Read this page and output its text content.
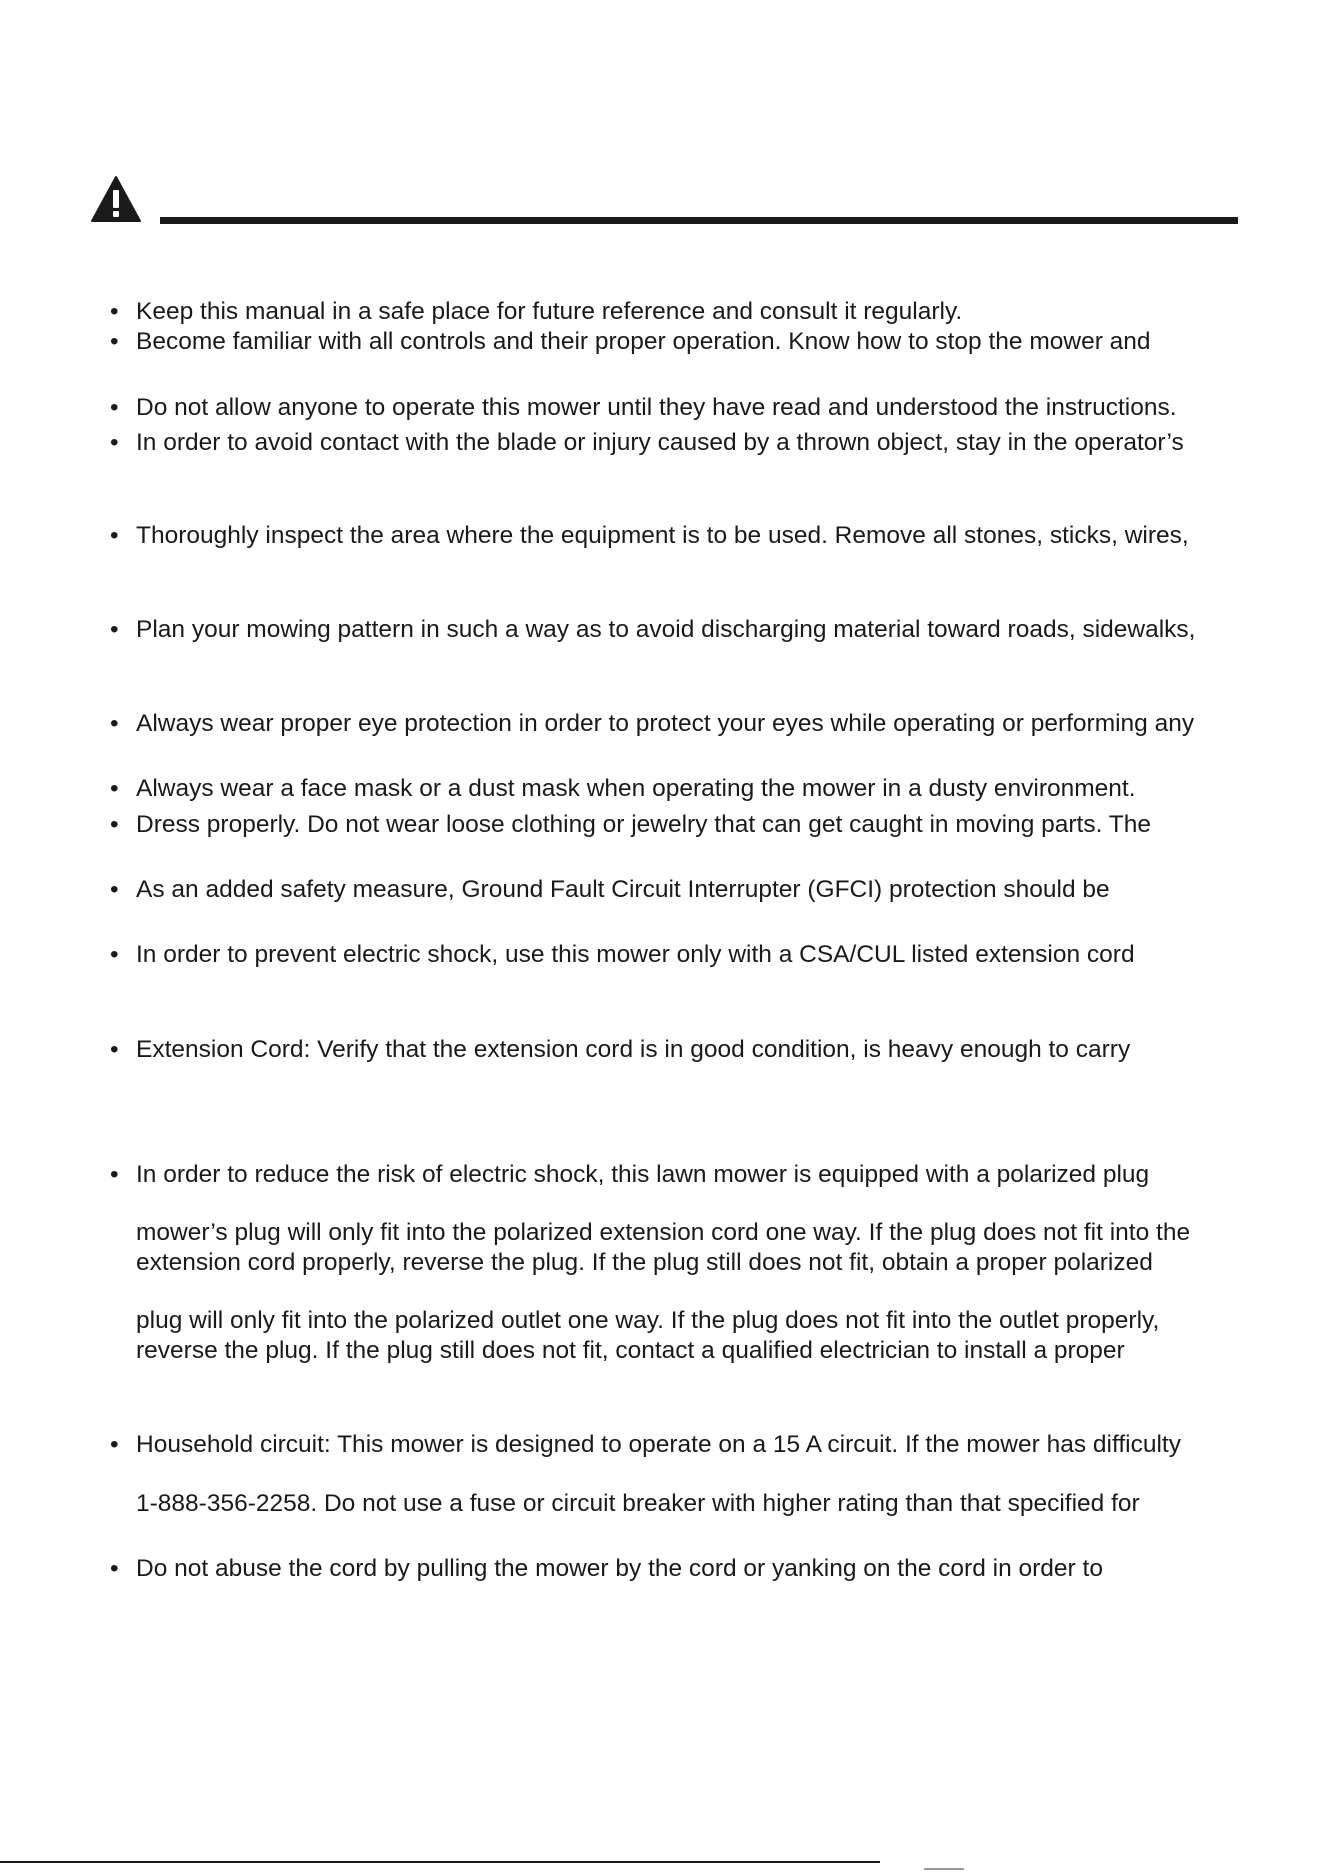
• Keep this manual in a safe place for future reference and consult it regularly.
• Become familiar with all controls and their proper operation. Know how to stop the mower and
• Do not allow anyone to operate this mower until they have read and understood the instructions.
• In order to avoid contact with the blade or injury caused by a thrown object, stay in the operator’s
• Thoroughly inspect the area where the equipment is to be used. Remove all stones, sticks, wires,
• Plan your mowing pattern in such a way as to avoid discharging material toward roads, sidewalks,
• Always wear proper eye protection in order to protect your eyes while operating or performing any
• Always wear a face mask or a dust mask when operating the mower in a dusty environment.
• Dress properly. Do not wear loose clothing or jewelry that can get caught in moving parts. The
• As an added safety measure, Ground Fault Circuit Interrupter (GFCI) protection should be
• In order to prevent electric shock, use this mower only with a CSA/CUL listed extension cord
• Extension Cord: Verify that the extension cord is in good condition, is heavy enough to carry
• In order to reduce the risk of electric shock, this lawn mower is equipped with a polarized plug
mower’s plug will only fit into the polarized extension cord one way. If the plug does not fit into the
extension cord properly, reverse the plug. If the plug still does not fit, obtain a proper polarized
plug will only fit into the polarized outlet one way. If the plug does not fit into the outlet properly,
reverse the plug. If the plug still does not fit, contact a qualified electrician to install a proper
• Household circuit: This mower is designed to operate on a 15 A circuit. If the mower has difficulty
1-888-356-2258. Do not use a fuse or circuit breaker with higher rating than that specified for
• Do not abuse the cord by pulling the mower by the cord or yanking on the cord in order to
